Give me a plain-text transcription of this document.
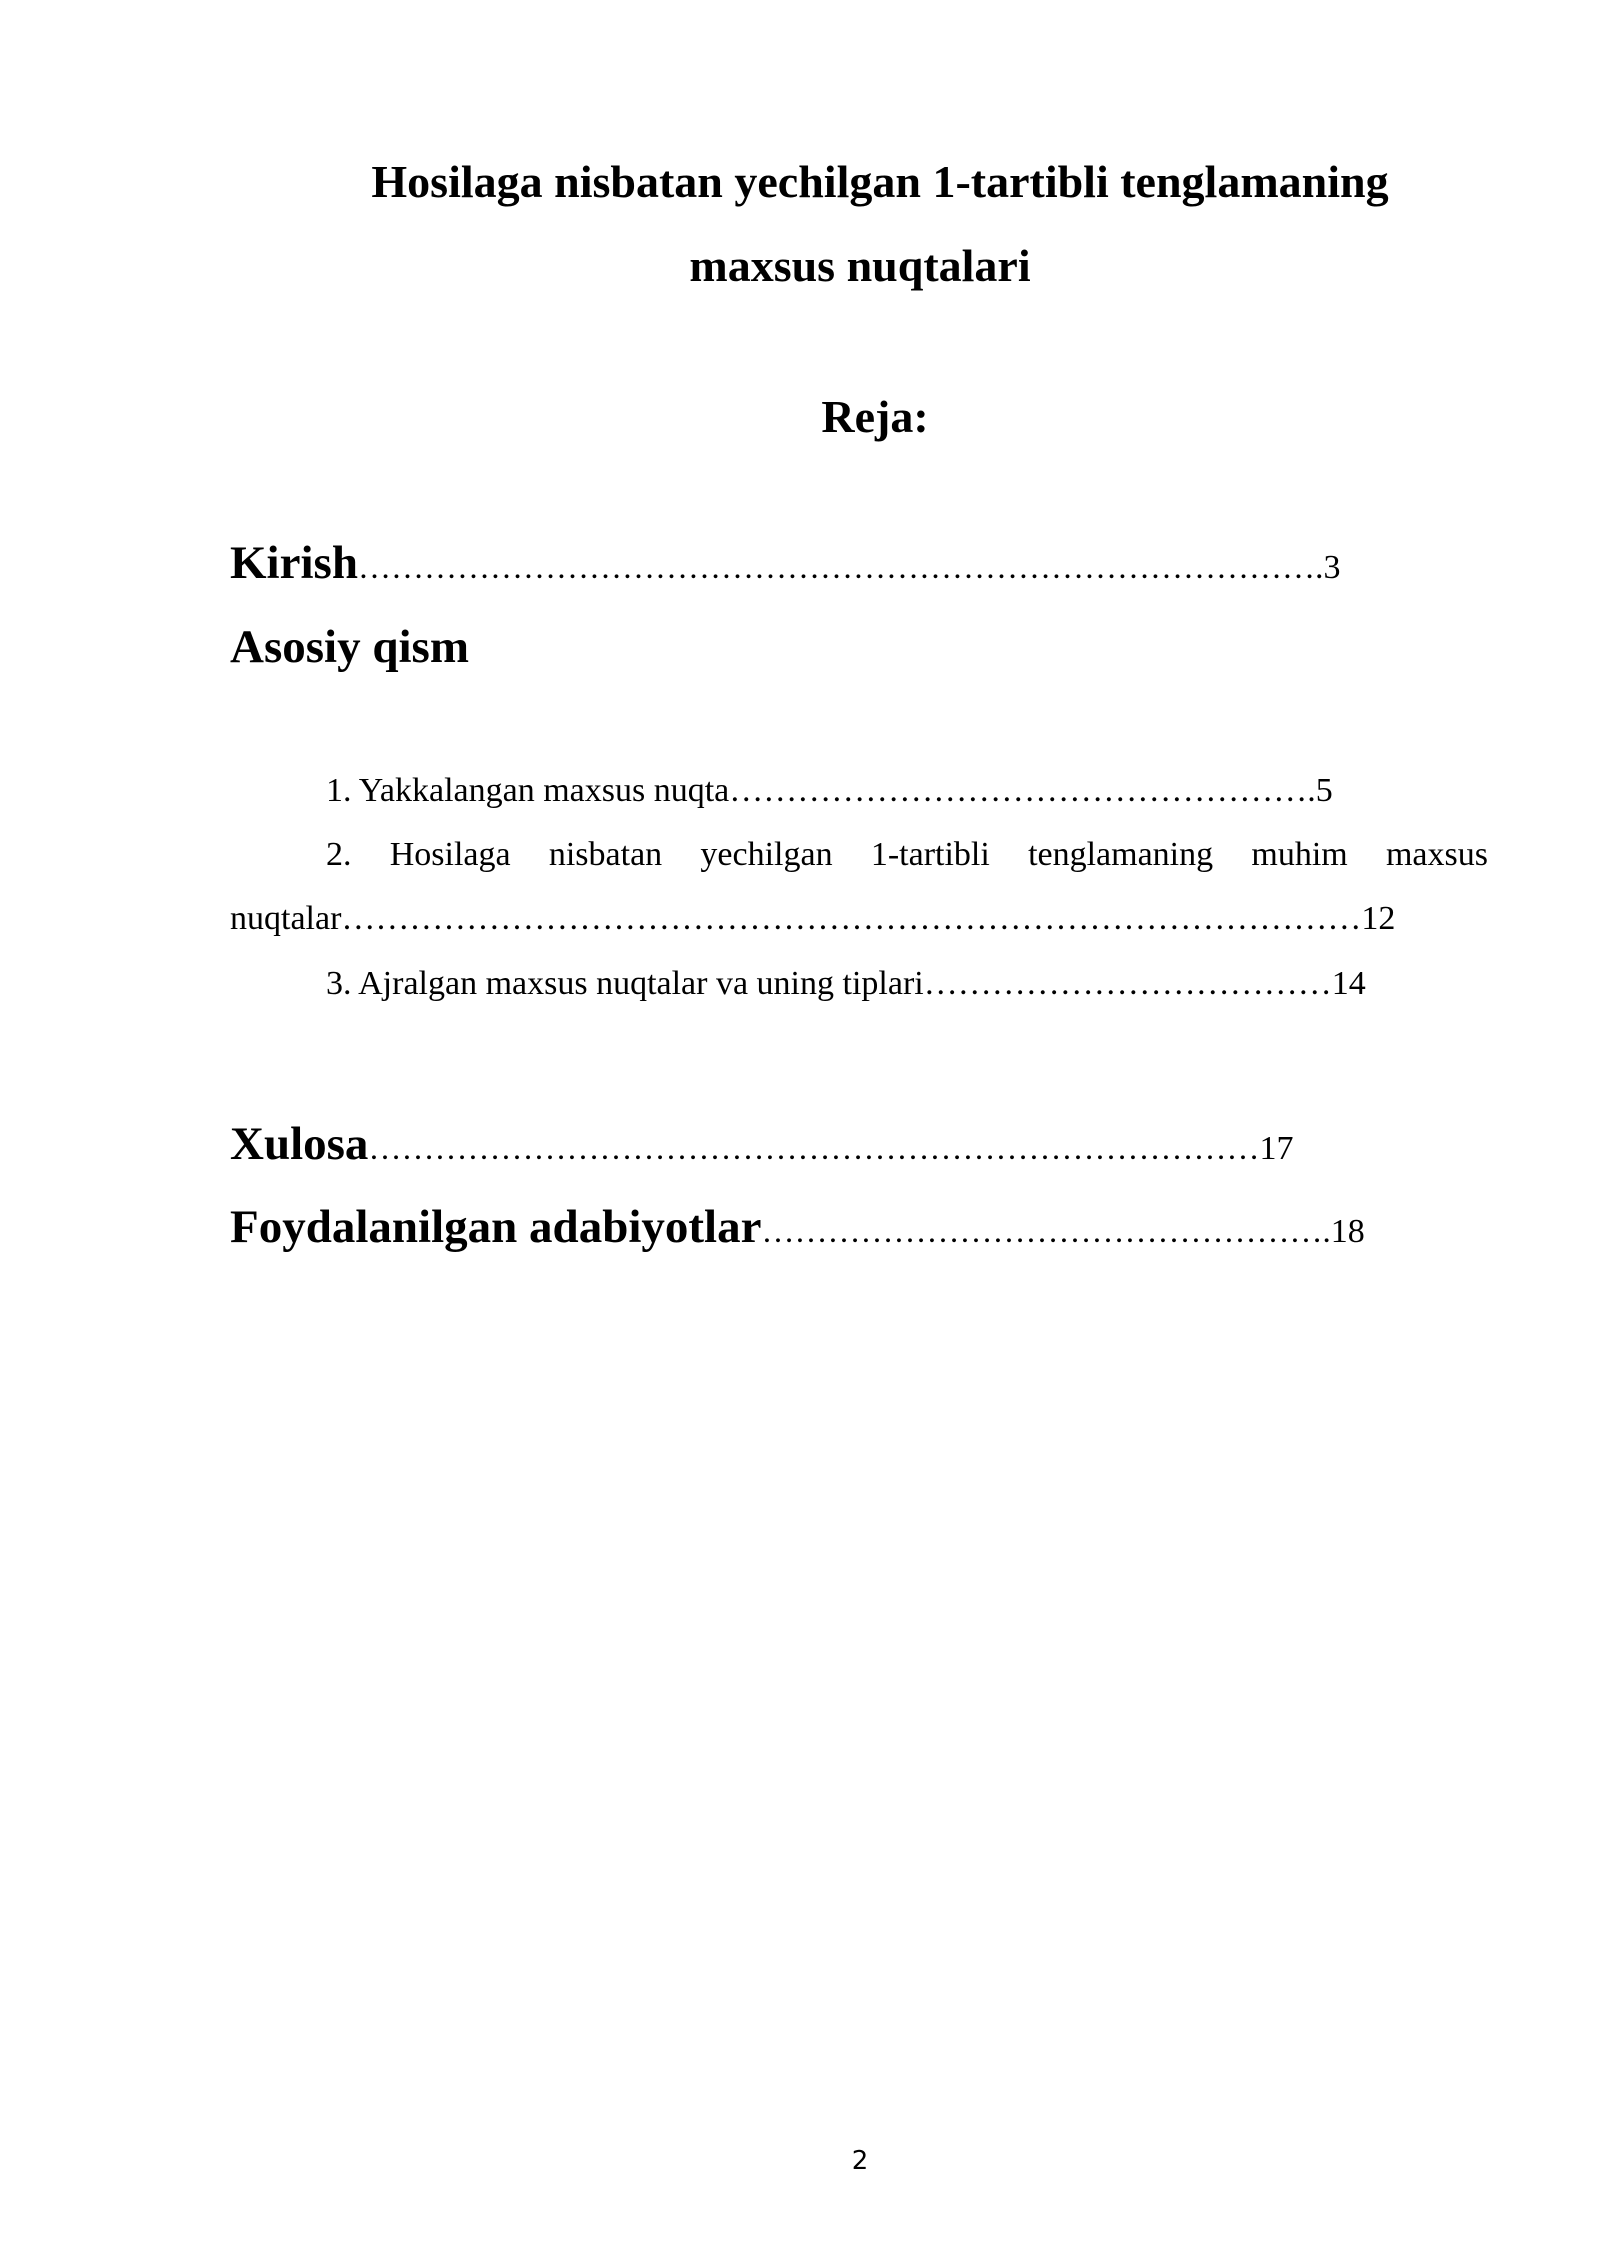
Hosilaga nisbatan yechilgan 1-tartibli tenglamaning
maxsus nuqtalari
Reja:
Kirish…………………………………………………………………………….3
Asosiy qism
1. Yakkalangan maxsus nuqta…………………………………………….5
2. Hosilaga nisbatan yechilgan 1-tartibli tenglamaning muhim maxsus
nuqtalar………………………………………………………………………………12
3. Ajralgan maxsus nuqtalar va uning tiplari………………………………14
Xulosa………………………………………………………………………17
Foydalanilgan adabiyotlar…………………………………………….18
2
